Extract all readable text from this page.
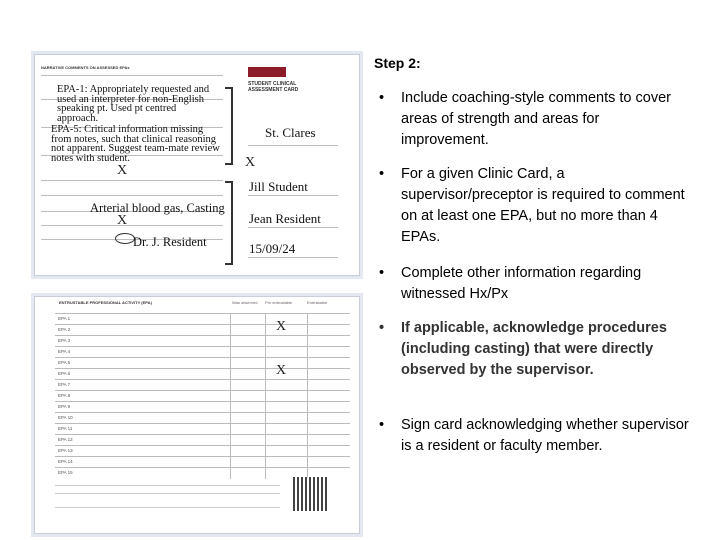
NARRATIVE COMMENTS ON ASSESSED EPAs
EPA-1: Appropriately requested and used an interpreter for non-English speaking pt. Used pt centred approach.
EPA-5: Critical information missing from notes, such that clinical reasoning not apparent. Suggest team-mate review notes with student.
X
X
Arterial blood gas, Casting
Dr. J. Resident
STUDENT CLINICAL
ASSESSMENT CARD
St. Clares
X
Jill Student
Jean Resident
15/09/24
ENTRUSTABLE PROFESSIONAL ACTIVITY (EPA)	Was observed Pre entrustable	Entrustable
EPA 1
EPA 2
EPA 3
EPA 4
EPA 5
EPA 6
EPA 7
EPA 8
EPA 9
EPA 10
EPA 11
EPA 12
EPA 13
EPA 14
EPA 15
X
X
Step 2:
• Include coaching-style comments to cover areas of strength and areas for improvement.
• For a given Clinic Card, a supervisor/preceptor is required to comment on at least one EPA, but no more than 4 EPAs.
• Complete other information regarding witnessed Hx/Px
• If applicable, acknowledge procedures (including casting) that were directly observed by the supervisor.
• Sign card acknowledging whether supervisor is a resident or faculty member.
